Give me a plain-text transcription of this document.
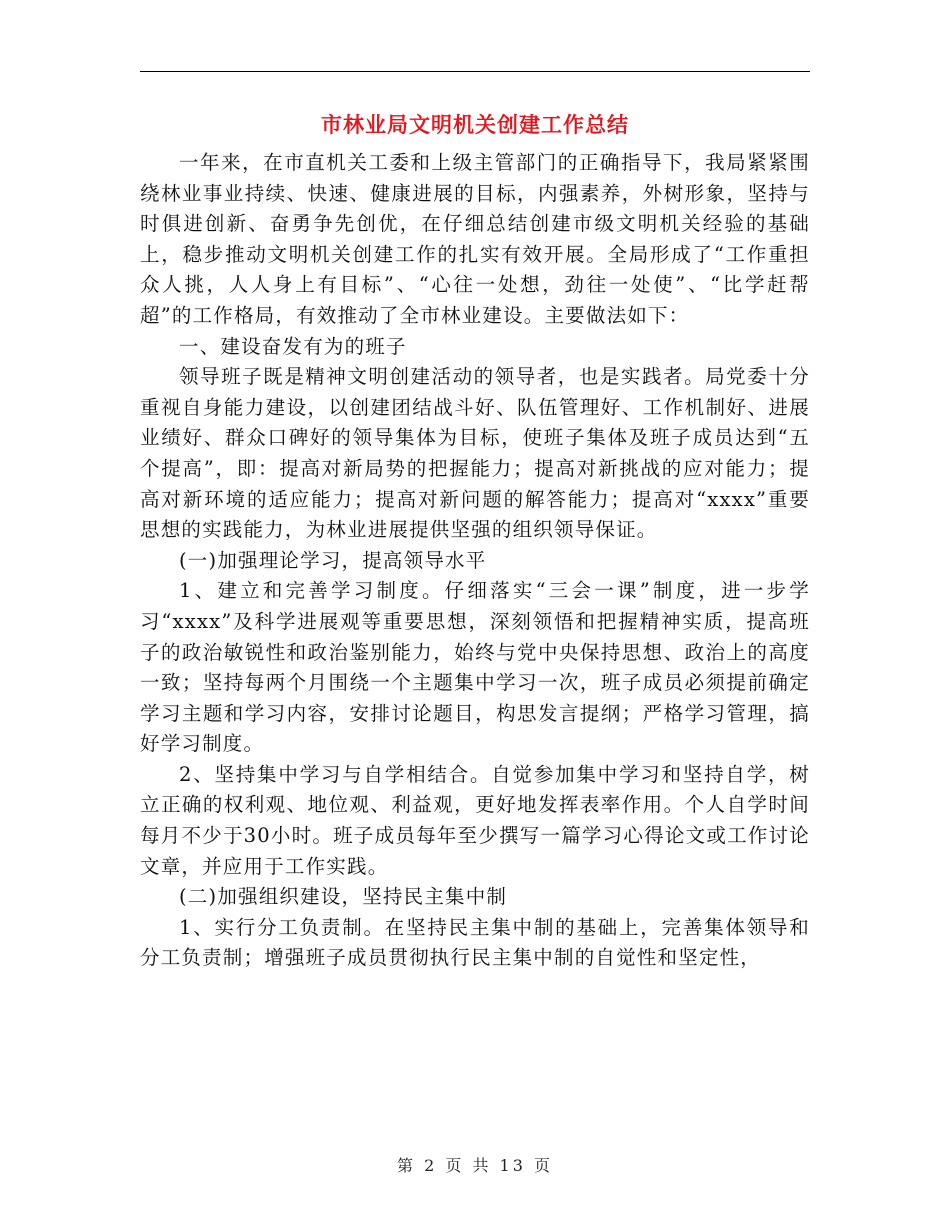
市林业局文明机关创建工作总结

一年来，在市直机关工委和上级主管部门的正确指导下，我局紧紧围绕林业事业持续、快速、健康进展的目标，内强素养，外树形象，坚持与时俱进创新、奋勇争先创优，在仔细总结创建市级文明机关经验的基础上，稳步推动文明机关创建工作的扎实有效开展。全局形成了“工作重担众人挑，人人身上有目标”、“心往一处想，劲往一处使”、“比学赶帮超”的工作格局，有效推动了全市林业建设。主要做法如下：

一、建设奋发有为的班子

领导班子既是精神文明创建活动的领导者，也是实践者。局党委十分重视自身能力建设，以创建团结战斗好、队伍管理好、工作机制好、进展业绩好、群众口碑好的领导集体为目标，使班子集体及班子成员达到“五个提高”，即：提高对新局势的把握能力；提高对新挑战的应对能力；提高对新环境的适应能力；提高对新问题的解答能力；提高对“xxxx”重要思想的实践能力，为林业进展提供坚强的组织领导保证。

(一)加强理论学习，提高领导水平

1、建立和完善学习制度。仔细落实“三会一课”制度，进一步学习“xxxx”及科学进展观等重要思想，深刻领悟和把握精神实质，提高班子的政治敏锐性和政治鉴别能力，始终与党中央保持思想、政治上的高度一致；坚持每两个月围绕一个主题集中学习一次，班子成员必须提前确定学习主题和学习内容，安排讨论题目，构思发言提纲；严格学习管理，搞好学习制度。

2、坚持集中学习与自学相结合。自觉参加集中学习和坚持自学，树立正确的权利观、地位观、利益观，更好地发挥表率作用。个人自学时间每月不少于30小时。班子成员每年至少撰写一篇学习心得论文或工作讨论文章，并应用于工作实践。

(二)加强组织建设，坚持民主集中制

1、实行分工负责制。在坚持民主集中制的基础上，完善集体领导和分工负责制；增强班子成员贯彻执行民主集中制的自觉性和坚定性，

第 2 页 共 13 页
